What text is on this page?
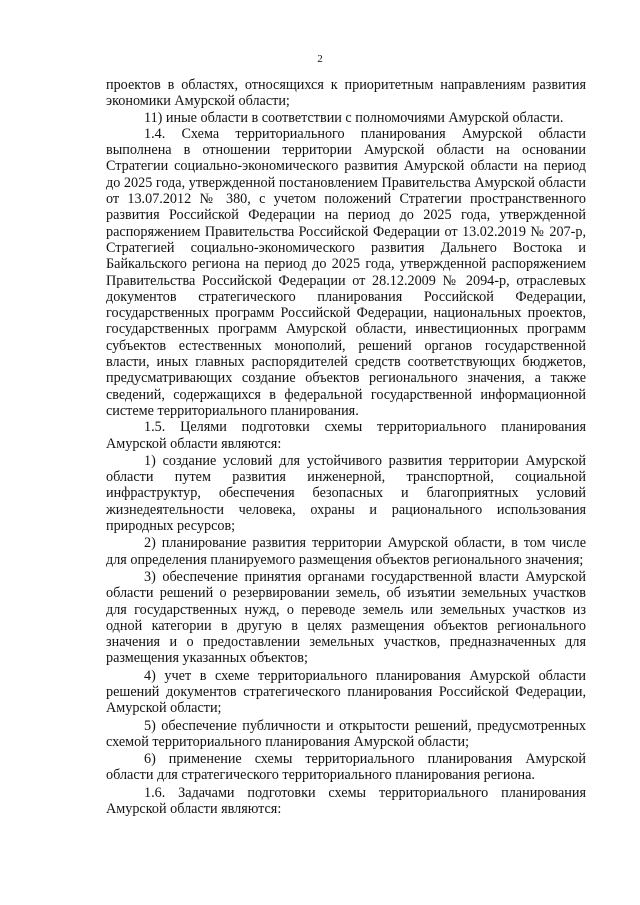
2

проектов в областях, относящихся к приоритетным направлениям развития экономики Амурской области;

11) иные области в соответствии с полномочиями Амурской области.

1.4. Схема территориального планирования Амурской области выполнена в отношении территории Амурской области на основании Стратегии социально-экономического развития Амурской области на период до 2025 года, утвержденной постановлением Правительства Амурской области от 13.07.2012 № 380, с учетом положений Стратегии пространственного развития Российской Федерации на период до 2025 года, утвержденной распоряжением Правительства Российской Федерации от 13.02.2019 № 207-р, Стратегией социально-экономического развития Дальнего Востока и Байкальского региона на период до 2025 года, утвержденной распоряжением Правительства Российской Федерации от 28.12.2009 № 2094-р, отраслевых документов стратегического планирования Российской Федерации, государственных программ Российской Федерации, национальных проектов, государственных программ Амурской области, инвестиционных программ субъектов естественных монополий, решений органов государственной власти, иных главных распорядителей средств соответствующих бюджетов, предусматривающих создание объектов регионального значения, а также сведений, содержащихся в федеральной государственной информационной системе территориального планирования.

1.5. Целями подготовки схемы территориального планирования Амурской области являются:

1) создание условий для устойчивого развития территории Амурской области путем развития инженерной, транспортной, социальной инфраструктур, обеспечения безопасных и благоприятных условий жизнедеятельности человека, охраны и рационального использования природных ресурсов;

2) планирование развития территории Амурской области, в том числе для определения планируемого размещения объектов регионального значения;

3) обеспечение принятия органами государственной власти Амурской области решений о резервировании земель, об изъятии земельных участков для государственных нужд, о переводе земель или земельных участков из одной категории в другую в целях размещения объектов регионального значения и о предоставлении земельных участков, предназначенных для размещения указанных объектов;

4) учет в схеме территориального планирования Амурской области решений документов стратегического планирования Российской Федерации, Амурской области;

5) обеспечение публичности и открытости решений, предусмотренных схемой территориального планирования Амурской области;

6) применение схемы территориального планирования Амурской области для стратегического территориального планирования региона.

1.6. Задачами подготовки схемы территориального планирования Амурской области являются:
